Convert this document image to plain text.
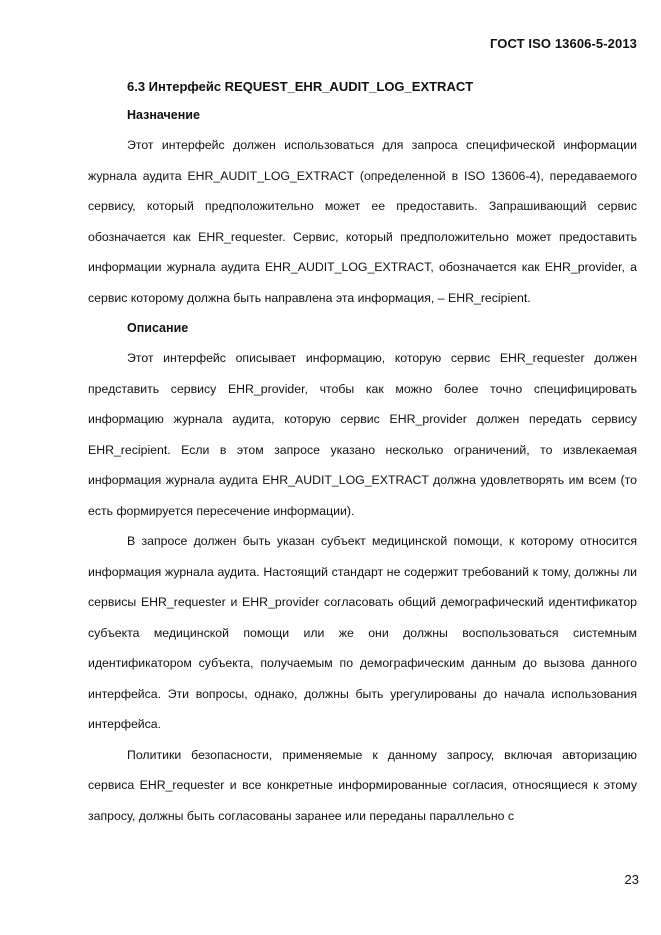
ГОСТ ISO 13606-5-2013
6.3 Интерфейс REQUEST_EHR_AUDIT_LOG_EXTRACT
Назначение

Этот интерфейс должен использоваться для запроса специфической информации журнала аудита EHR_AUDIT_LOG_EXTRACT (определенной в ISO 13606-4), передаваемого сервису, который предположительно может ее предоставить. Запрашивающий сервис обозначается как EHR_requester. Сервис, который предположительно может предоставить информации журнала аудита EHR_AUDIT_LOG_EXTRACT, обозначается как EHR_provider, а сервис которому должна быть направлена эта информация, – EHR_recipient.

Описание

Этот интерфейс описывает информацию, которую сервис EHR_requester должен представить сервису EHR_provider, чтобы как можно более точно специфицировать информацию журнала аудита, которую сервис EHR_provider должен передать сервису EHR_recipient. Если в этом запросе указано несколько ограничений, то извлекаемая информация журнала аудита EHR_AUDIT_LOG_EXTRACT должна удовлетворять им всем (то есть формируется пересечение информации).

В запросе должен быть указан субъект медицинской помощи, к которому относится информация журнала аудита. Настоящий стандарт не содержит требований к тому, должны ли сервисы EHR_requester и EHR_provider согласовать общий демографический идентификатор субъекта медицинской помощи или же они должны воспользоваться системным идентификатором субъекта, получаемым по демографическим данным до вызова данного интерфейса. Эти вопросы, однако, должны быть урегулированы до начала использования интерфейса.

Политики безопасности, применяемые к данному запросу, включая авторизацию сервиса EHR_requester и все конкретные информированные согласия, относящиеся к этому запросу, должны быть согласованы заранее или переданы параллельно с

23
